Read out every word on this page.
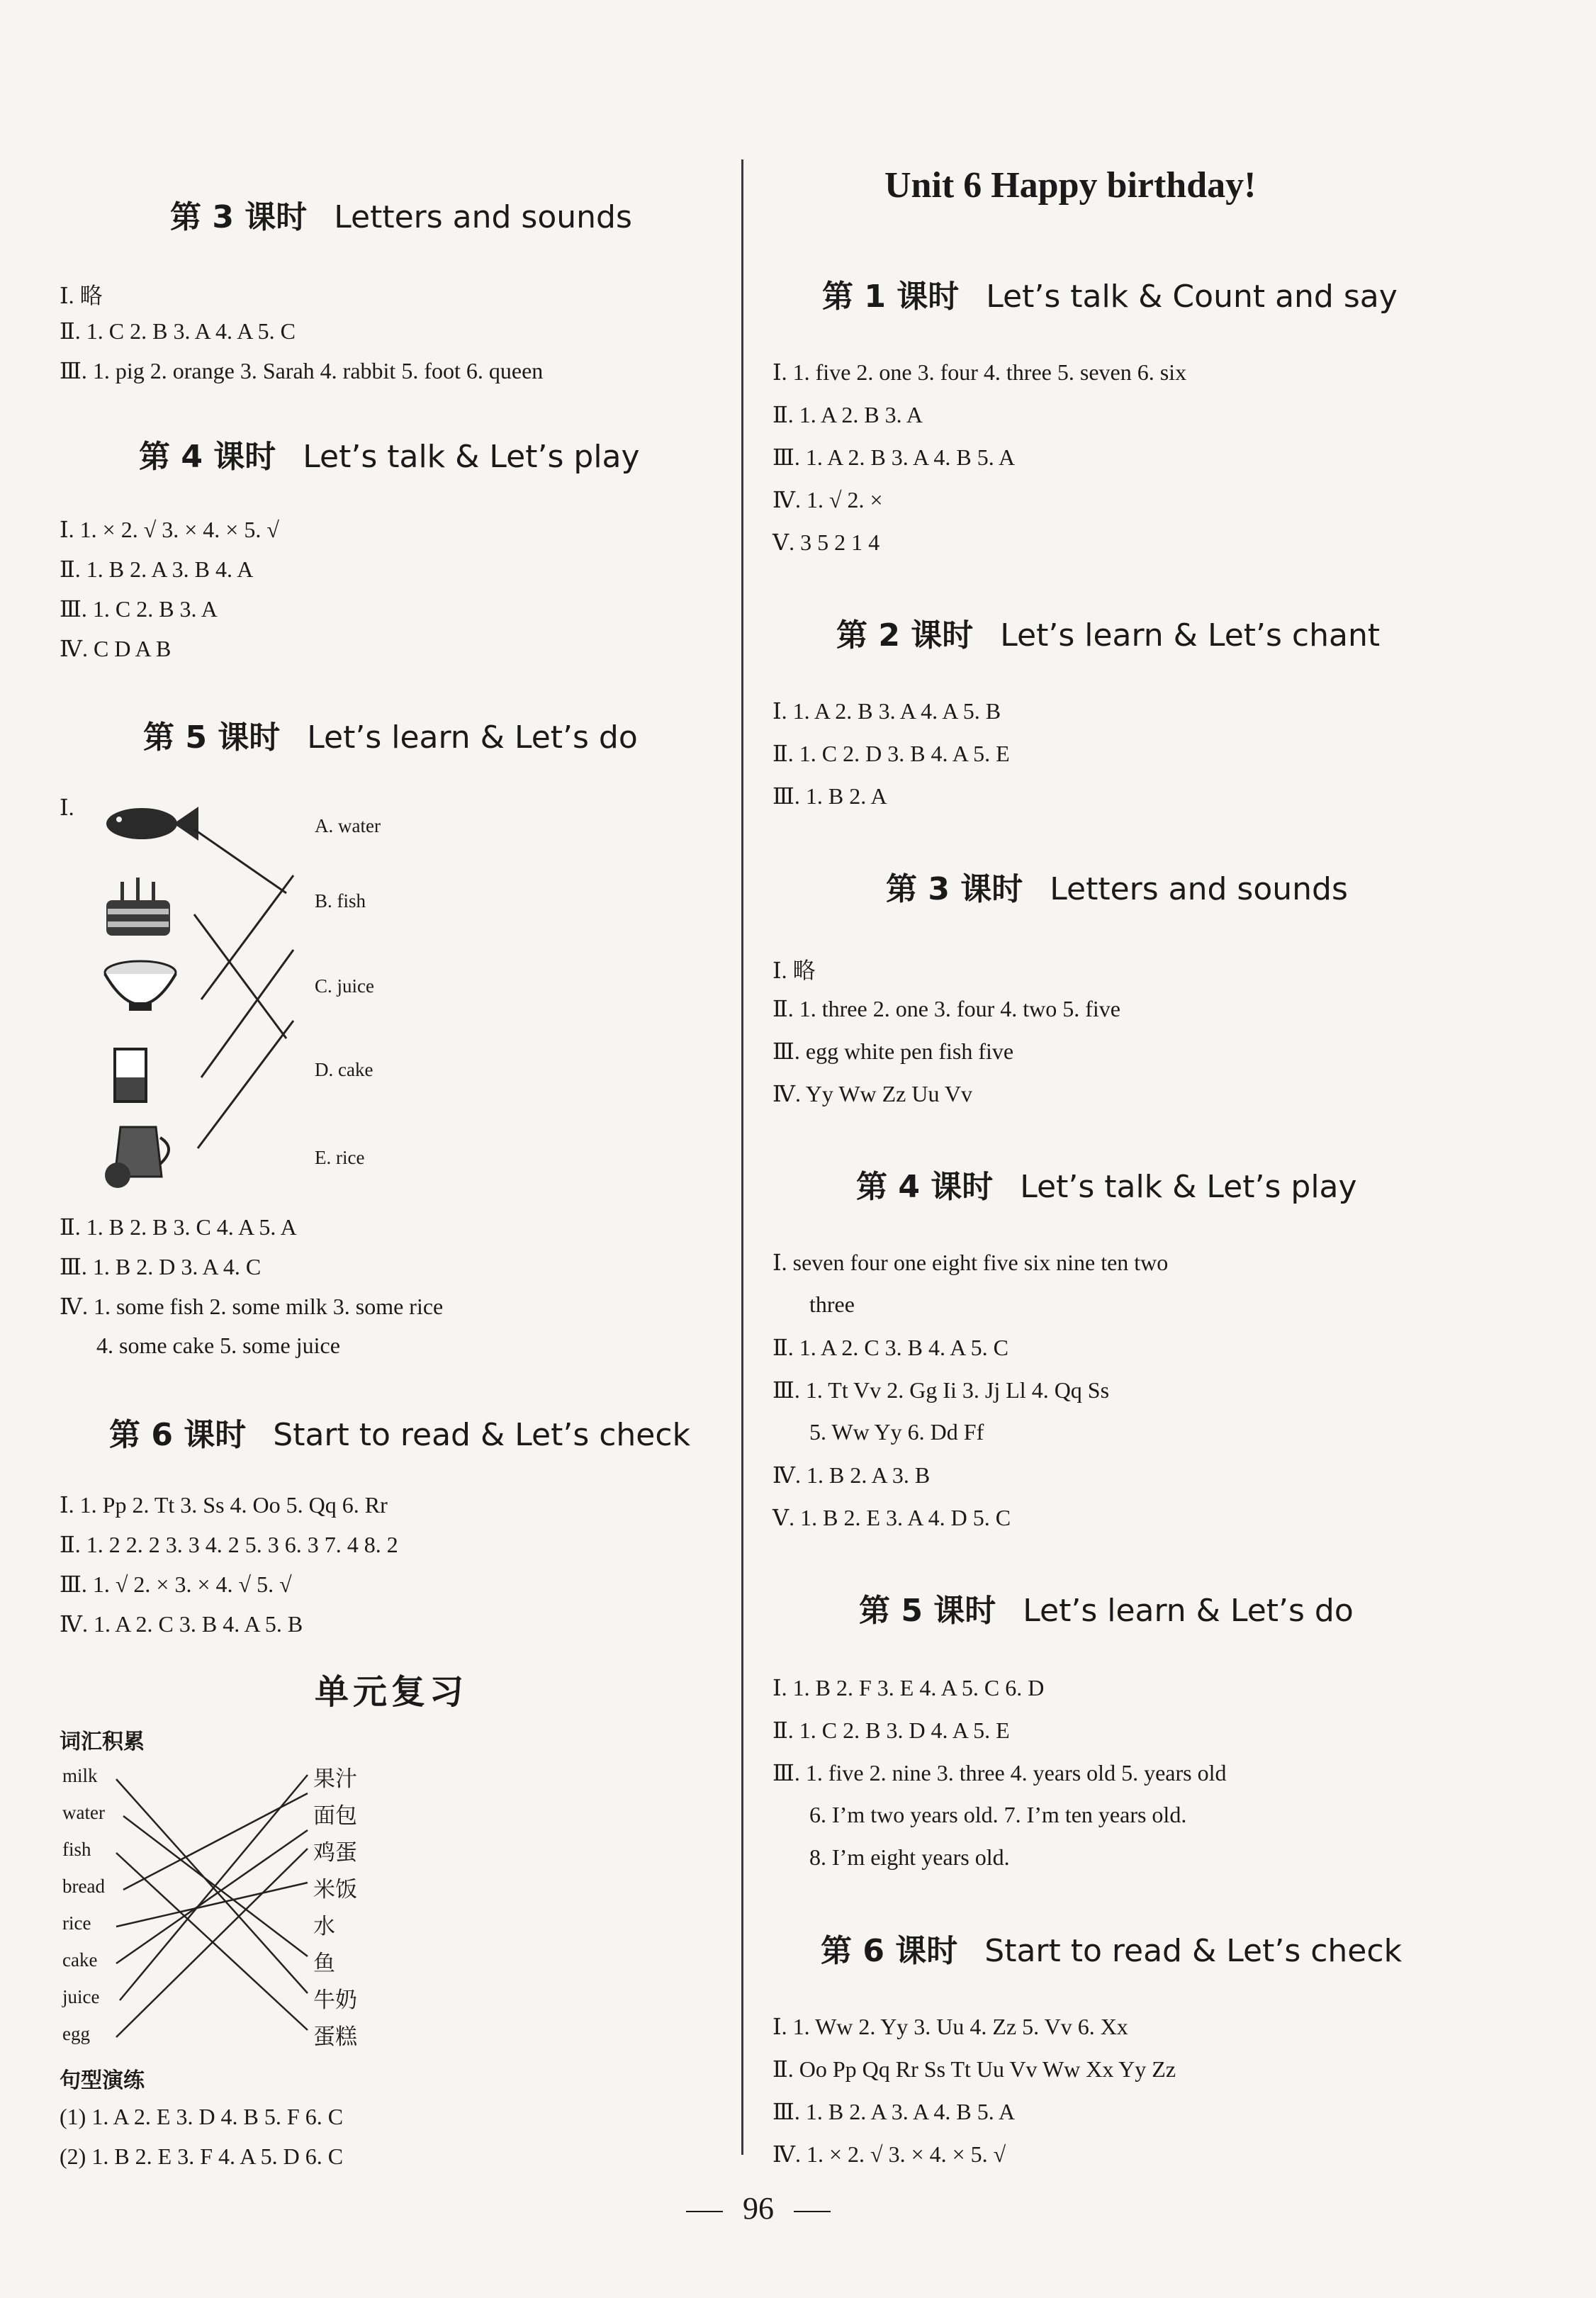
第 3 课时 Letters and sounds
Ⅰ. 略
Ⅱ. 1. C 2. B 3. A 4. A 5. C
Ⅲ. 1. pig 2. orange 3. Sarah 4. rabbit 5. foot 6. queen
第 4 课时 Let’s talk & Let’s play
Ⅰ. 1. × 2. √ 3. × 4. × 5. √
Ⅱ. 1. B 2. A 3. B 4. A
Ⅲ. 1. C 2. B 3. A
Ⅳ. C D A B
第 5 课时 Let’s learn & Let’s do
Ⅰ.
A. water
B. fish
C. juice
D. cake
E. rice
Ⅱ. 1. B 2. B 3. C 4. A 5. A
Ⅲ. 1. B 2. D 3. A 4. C
Ⅳ. 1. some fish 2. some milk 3. some rice
4. some cake 5. some juice
第 6 课时 Start to read & Let’s check
Ⅰ. 1. Pp 2. Tt 3. Ss 4. Oo 5. Qq 6. Rr
Ⅱ. 1. 2 2. 2 3. 3 4. 2 5. 3 6. 3 7. 4 8. 2
Ⅲ. 1. √ 2. × 3. × 4. √ 5. √
Ⅳ. 1. A 2. C 3. B 4. A 5. B
单元复习
词汇积累
milk
water
fish
bread
rice
cake
juice
egg
果汁
面包
鸡蛋
米饭
水
鱼
牛奶
蛋糕
句型演练
(1) 1. A 2. E 3. D 4. B 5. F 6. C
(2) 1. B 2. E 3. F 4. A 5. D 6. C
Unit 6 Happy birthday!
第 1 课时 Let’s talk & Count and say
Ⅰ. 1. five 2. one 3. four 4. three 5. seven 6. six
Ⅱ. 1. A 2. B 3. A
Ⅲ. 1. A 2. B 3. A 4. B 5. A
Ⅳ. 1. √ 2. ×
Ⅴ. 3 5 2 1 4
第 2 课时 Let’s learn & Let’s chant
Ⅰ. 1. A 2. B 3. A 4. A 5. B
Ⅱ. 1. C 2. D 3. B 4. A 5. E
Ⅲ. 1. B 2. A
第 3 课时 Letters and sounds
Ⅰ. 略
Ⅱ. 1. three 2. one 3. four 4. two 5. five
Ⅲ. egg white pen fish five
Ⅳ. Yy Ww Zz Uu Vv
第 4 课时 Let’s talk & Let’s play
Ⅰ. seven four one eight five six nine ten two
three
Ⅱ. 1. A 2. C 3. B 4. A 5. C
Ⅲ. 1. Tt Vv 2. Gg Ii 3. Jj Ll 4. Qq Ss
5. Ww Yy 6. Dd Ff
Ⅳ. 1. B 2. A 3. B
Ⅴ. 1. B 2. E 3. A 4. D 5. C
第 5 课时 Let’s learn & Let’s do
Ⅰ. 1. B 2. F 3. E 4. A 5. C 6. D
Ⅱ. 1. C 2. B 3. D 4. A 5. E
Ⅲ. 1. five 2. nine 3. three 4. years old 5. years old
6. I’m two years old. 7. I’m ten years old.
8. I’m eight years old.
第 6 课时 Start to read & Let’s check
Ⅰ. 1. Ww 2. Yy 3. Uu 4. Zz 5. Vv 6. Xx
Ⅱ. Oo Pp Qq Rr Ss Tt Uu Vv Ww Xx Yy Zz
Ⅲ. 1. B 2. A 3. A 4. B 5. A
Ⅳ. 1. × 2. √ 3. × 4. × 5. √
96
